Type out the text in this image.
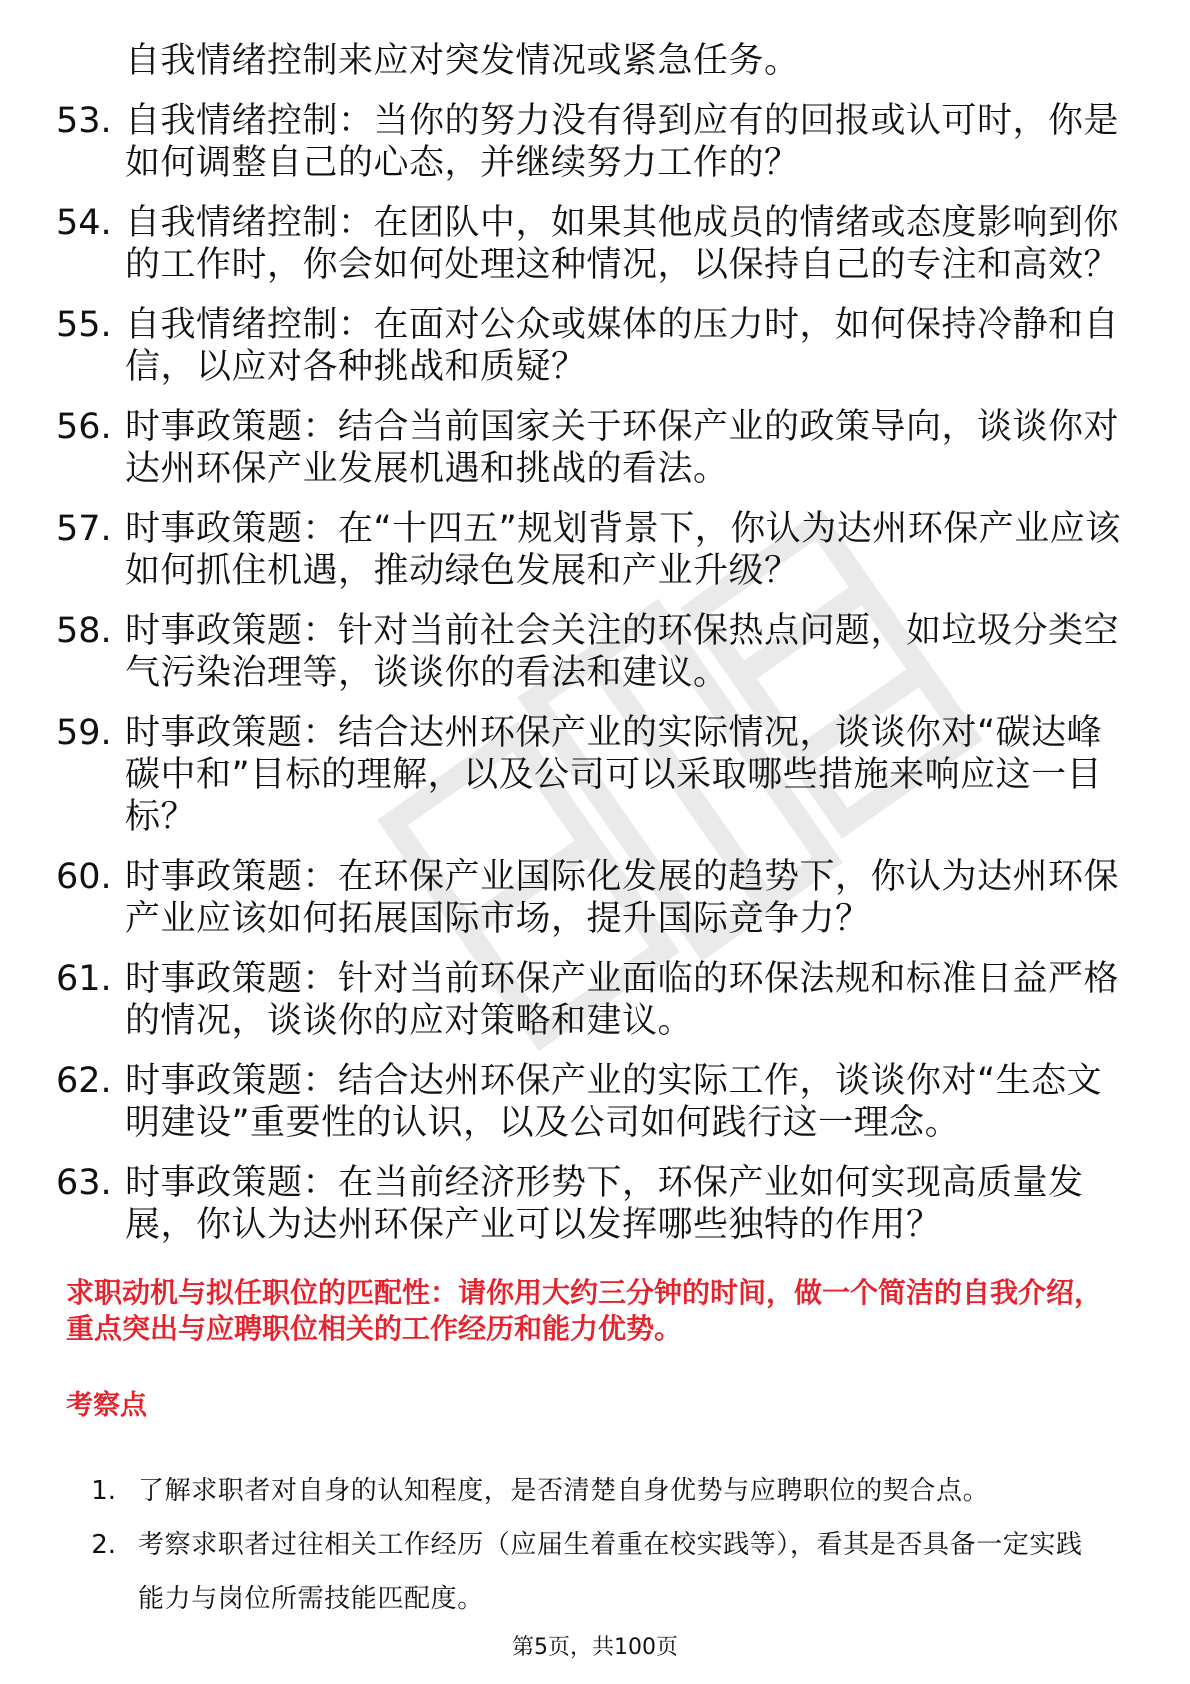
自我情绪控制来应对突发情况或紧急任务。
53. 自我情绪控制：当你的努力没有得到应有的回报或认可时，你是如何调整自己的心态，并继续努力工作的？
54. 自我情绪控制：在团队中，如果其他成员的情绪或态度影响到你的工作时，你会如何处理这种情况，以保持自己的专注和高效？
55. 自我情绪控制：在面对公众或媒体的压力时，如何保持冷静和自信，以应对各种挑战和质疑？
56. 时事政策题：结合当前国家关于环保产业的政策导向，谈谈你对达州环保产业发展机遇和挑战的看法。
57. 时事政策题：在“十四五”规划背景下，你认为达州环保产业应该如何抓住机遇，推动绿色发展和产业升级？
58. 时事政策题：针对当前社会关注的环保热点问题，如垃圾分类空气污染治理等，谈谈你的看法和建议。
59. 时事政策题：结合达州环保产业的实际情况，谈谈你对“碳达峰碳中和”目标的理解，以及公司可以采取哪些措施来响应这一目标？
60. 时事政策题：在环保产业国际化发展的趋势下，你认为达州环保产业应该如何拓展国际市场，提升国际竞争力？
61. 时事政策题：针对当前环保产业面临的环保法规和标准日益严格的情况，谈谈你的应对策略和建议。
62. 时事政策题：结合达州环保产业的实际工作，谈谈你对“生态文明建设”重要性的认识，以及公司如何践行这一理念。
63. 时事政策题：在当前经济形势下，环保产业如何实现高质量发展，你认为达州环保产业可以发挥哪些独特的作用？

求职动机与拟任职位的匹配性：请你用大约三分钟的时间，做一个简洁的自我介绍，重点突出与应聘职位相关的工作经历和能力优势。

考察点

1. 了解求职者对自身的认知程度，是否清楚自身优势与应聘职位的契合点。
2. 考察求职者过往相关工作经历（应届生着重在校实践等），看其是否具备一定实践能力与岗位所需技能匹配度。
第5页，共100页
